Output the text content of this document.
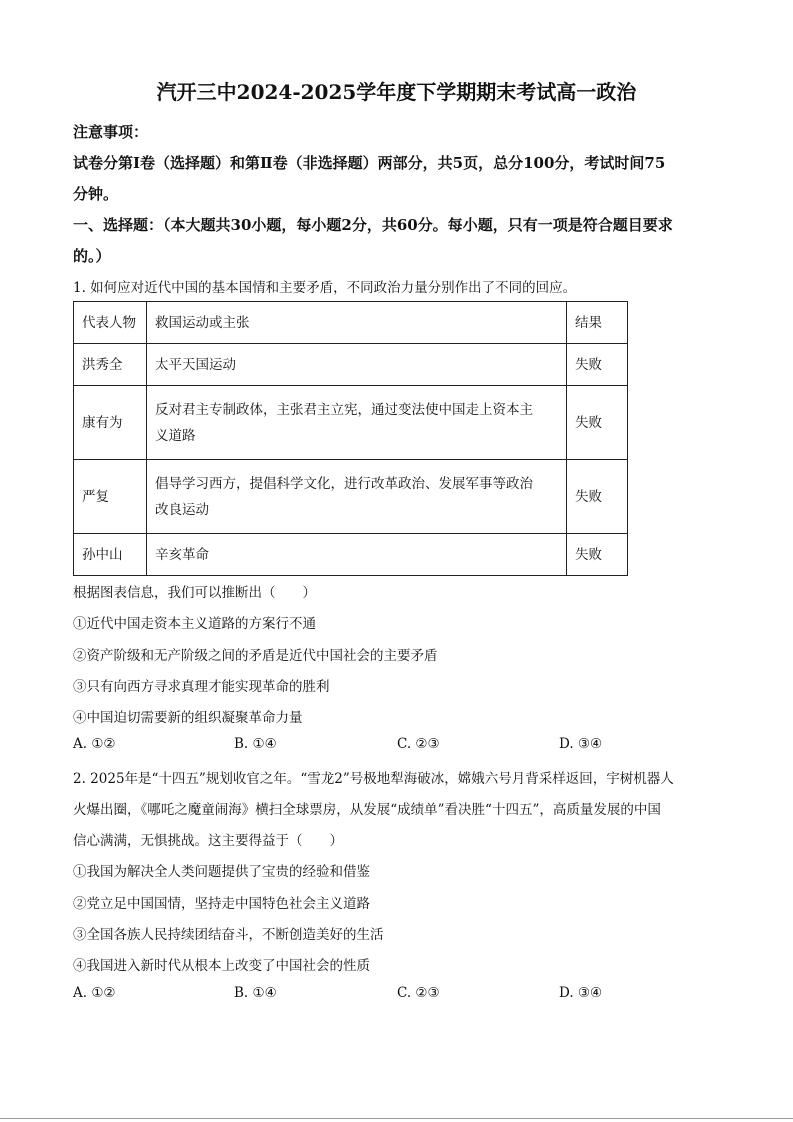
汽开三中2024-2025学年度下学期期末考试高一政治
注意事项：
试卷分第Ⅰ卷（选择题）和第Ⅱ卷（非选择题）两部分，共5页，总分100分，考试时间75
分钟。
一、选择题：（本大题共30小题，每小题2分，共60分。每小题，只有一项是符合题目要求
的。）
1. 如何应对近代中国的基本国情和主要矛盾，不同政治力量分别作出了不同的回应。
代表人物	救国运动或主张	结果
洪秀全	太平天国运动	失败
康有为	反对君主专制政体，主张君主立宪，通过变法使中国走上资本主
义道路	失败
严复	倡导学习西方，提倡科学文化，进行改革政治、发展军事等政治
改良运动	失败
孙中山	辛亥革命	失败
根据图表信息，我们可以推断出（　　）
①近代中国走资本主义道路的方案行不通
②资产阶级和无产阶级之间的矛盾是近代中国社会的主要矛盾
③只有向西方寻求真理才能实现革命的胜利
④中国迫切需要新的组织凝聚革命力量
A. ①②	B. ①④	C. ②③	D. ③④
2. 2025年是“十四五”规划收官之年。“雪龙2”号极地犁海破冰，嫦娥六号月背采样返回，宇树机器人
火爆出圈，《哪吒之魔童闹海》横扫全球票房，从发展“成绩单”看决胜“十四五”，高质量发展的中国
信心满满，无惧挑战。这主要得益于（　　）
①我国为解决全人类问题提供了宝贵的经验和借鉴
②党立足中国国情，坚持走中国特色社会主义道路
③全国各族人民持续团结奋斗，不断创造美好的生活
④我国进入新时代从根本上改变了中国社会的性质
A. ①②	B. ①④	C. ②③	D. ③④
